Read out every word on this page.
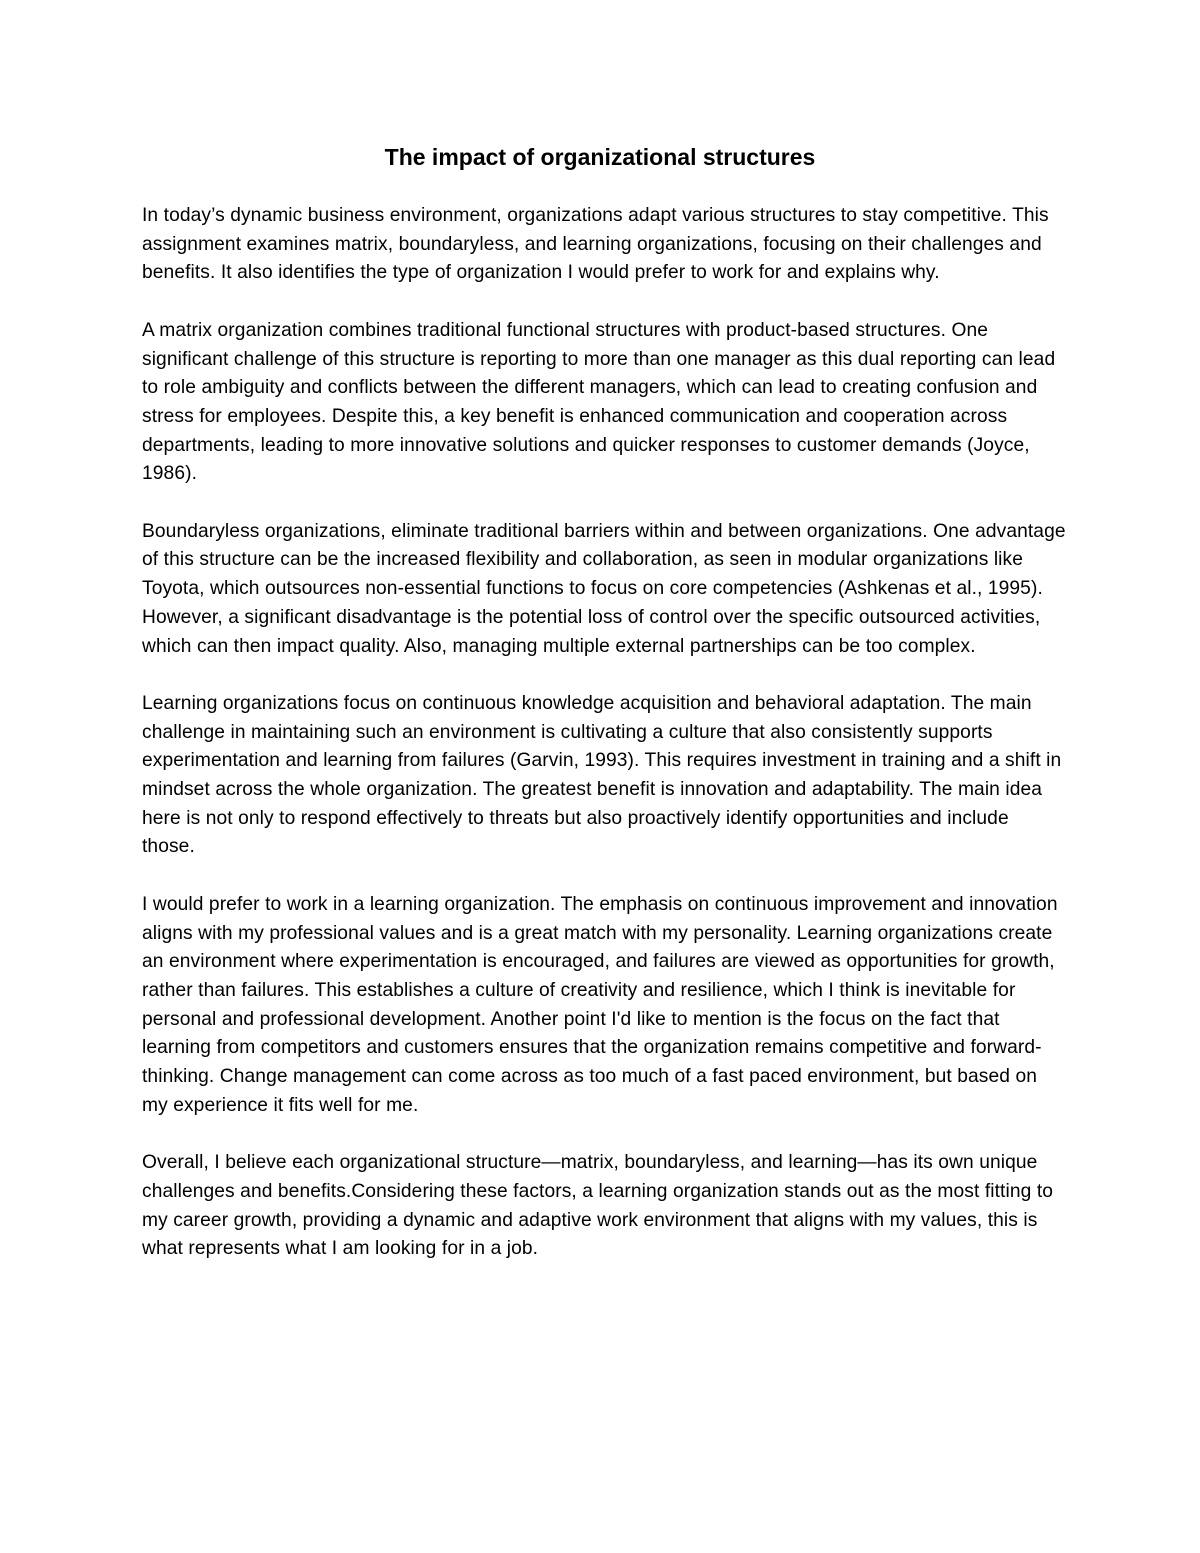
The impact of organizational structures

In today’s dynamic business environment, organizations adapt various structures to stay competitive. This assignment examines matrix, boundaryless, and learning organizations, focusing on their challenges and benefits. It also identifies the type of organization I would prefer to work for and explains why.

A matrix organization combines traditional functional structures with product-based structures. One significant challenge of this structure is reporting to more than one manager as this dual reporting can lead to role ambiguity and conflicts between the different managers, which can lead to creating confusion and stress for employees. Despite this, a key benefit is enhanced communication and cooperation across departments, leading to more innovative solutions and quicker responses to customer demands (Joyce, 1986).

Boundaryless organizations, eliminate traditional barriers within and between organizations. One advantage of this structure can be the increased flexibility and collaboration, as seen in modular organizations like Toyota, which outsources non-essential functions to focus on core competencies (Ashkenas et al., 1995). However, a significant disadvantage is the potential loss of control over the specific outsourced activities, which can then impact quality. Also, managing multiple external partnerships can be too complex.

Learning organizations focus on continuous knowledge acquisition and behavioral adaptation. The main challenge in maintaining such an environment is cultivating a culture that also consistently supports experimentation and learning from failures (Garvin, 1993). This requires investment in training and a shift in mindset across the whole organization. The greatest benefit is innovation and adaptability. The main idea here is not only to respond effectively to threats but also proactively identify opportunities and include those.

I would prefer to work in a learning organization. The emphasis on continuous improvement and innovation aligns with my professional values and is a great match with my personality. Learning organizations create an environment where experimentation is encouraged, and failures are viewed as opportunities for growth, rather than failures. This establishes a culture of creativity and resilience, which I think is inevitable for personal and professional development. Another point I'd like to mention is the focus on the fact that learning from competitors and customers ensures that the organization remains competitive and forward-thinking. Change management can come across as too much of a fast paced environment, but based on my experience it fits well for me.

Overall, I believe each organizational structure—matrix, boundaryless, and learning—has its own unique challenges and benefits.Considering these factors, a learning organization stands out as the most fitting to my career growth, providing a dynamic and adaptive work environment that aligns with my values, this is what represents what I am looking for in a job.
